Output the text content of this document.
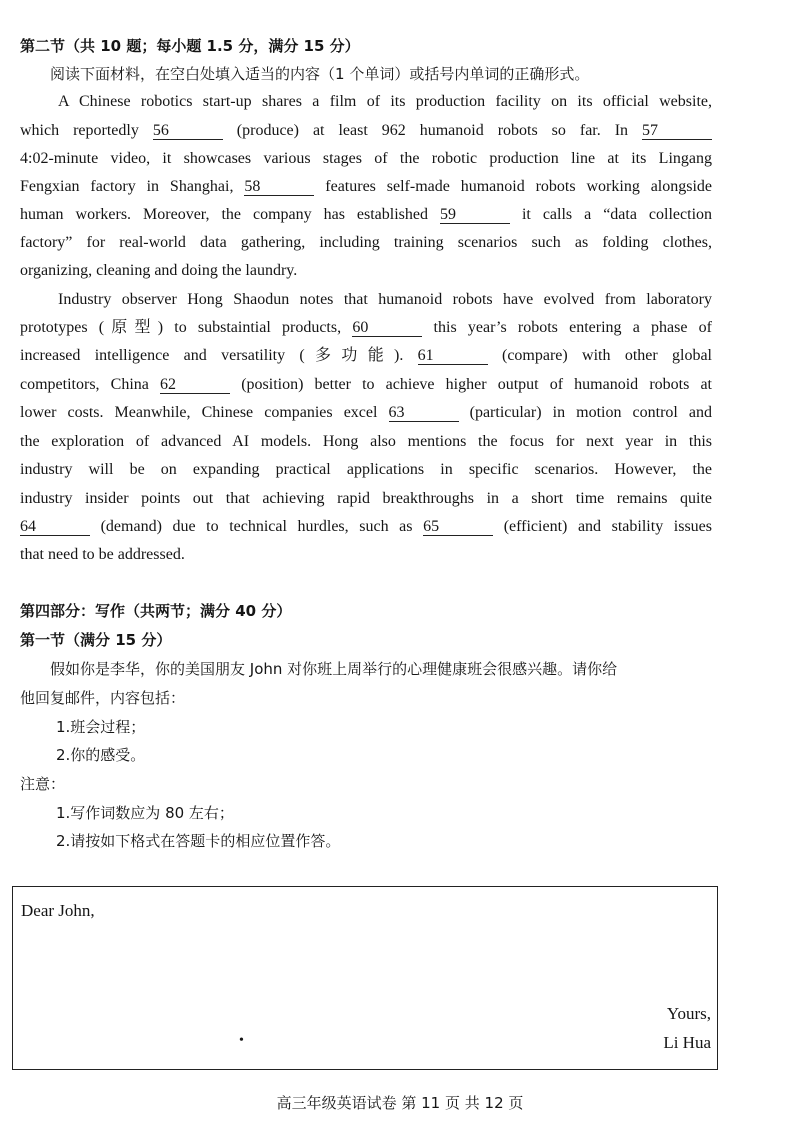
第二节（共 10 题；每小题 1.5 分，满分 15 分）
阅读下面材料，在空白处填入适当的内容（1 个单词）或括号内单词的正确形式。
A Chinese robotics start-up shares a film of its production facility on its official website,
which reportedly 56	(produce) at least 962 humanoid robots so far. In 57
4:02-minute video, it showcases various stages of the robotic production line at its Lingang
Fengxian factory in Shanghai, 58	features self-made humanoid robots working alongside
human workers. Moreover, the company has established 59	it calls a “data collection
factory” for real-world data gathering, including training scenarios such as folding clothes,
organizing, cleaning and doing the laundry.
Industry observer Hong Shaodun notes that humanoid robots have evolved from laboratory
prototypes (原型) to substaintial products, 60	this year’s robots entering a phase of
increased intelligence and versatility (多功能). 61	(compare) with other global
competitors, China 62	(position) better to achieve higher output of humanoid robots at
lower costs. Meanwhile, Chinese companies excel 63	(particular) in motion control and
the exploration of advanced AI models. Hong also mentions the focus for next year in this
industry will be on expanding practical applications in specific scenarios. However, the
industry insider points out that achieving rapid breakthroughs in a short time remains quite
64	(demand) due to technical hurdles, such as 65	(efficient) and stability issues
that need to be addressed.
第四部分：写作（共两节；满分 40 分）
第一节（满分 15 分）
假如你是李华，你的美国朋友 John 对你班上周举行的心理健康班会很感兴趣。请你给
他回复邮件，内容包括：
1.班会过程；
2.你的感受。
注意：
1.写作词数应为 80 左右；
2.请按如下格式在答题卡的相应位置作答。
Dear John,
Yours,
•	Li Hua
高三年级英语试卷 第 11 页 共 12 页
